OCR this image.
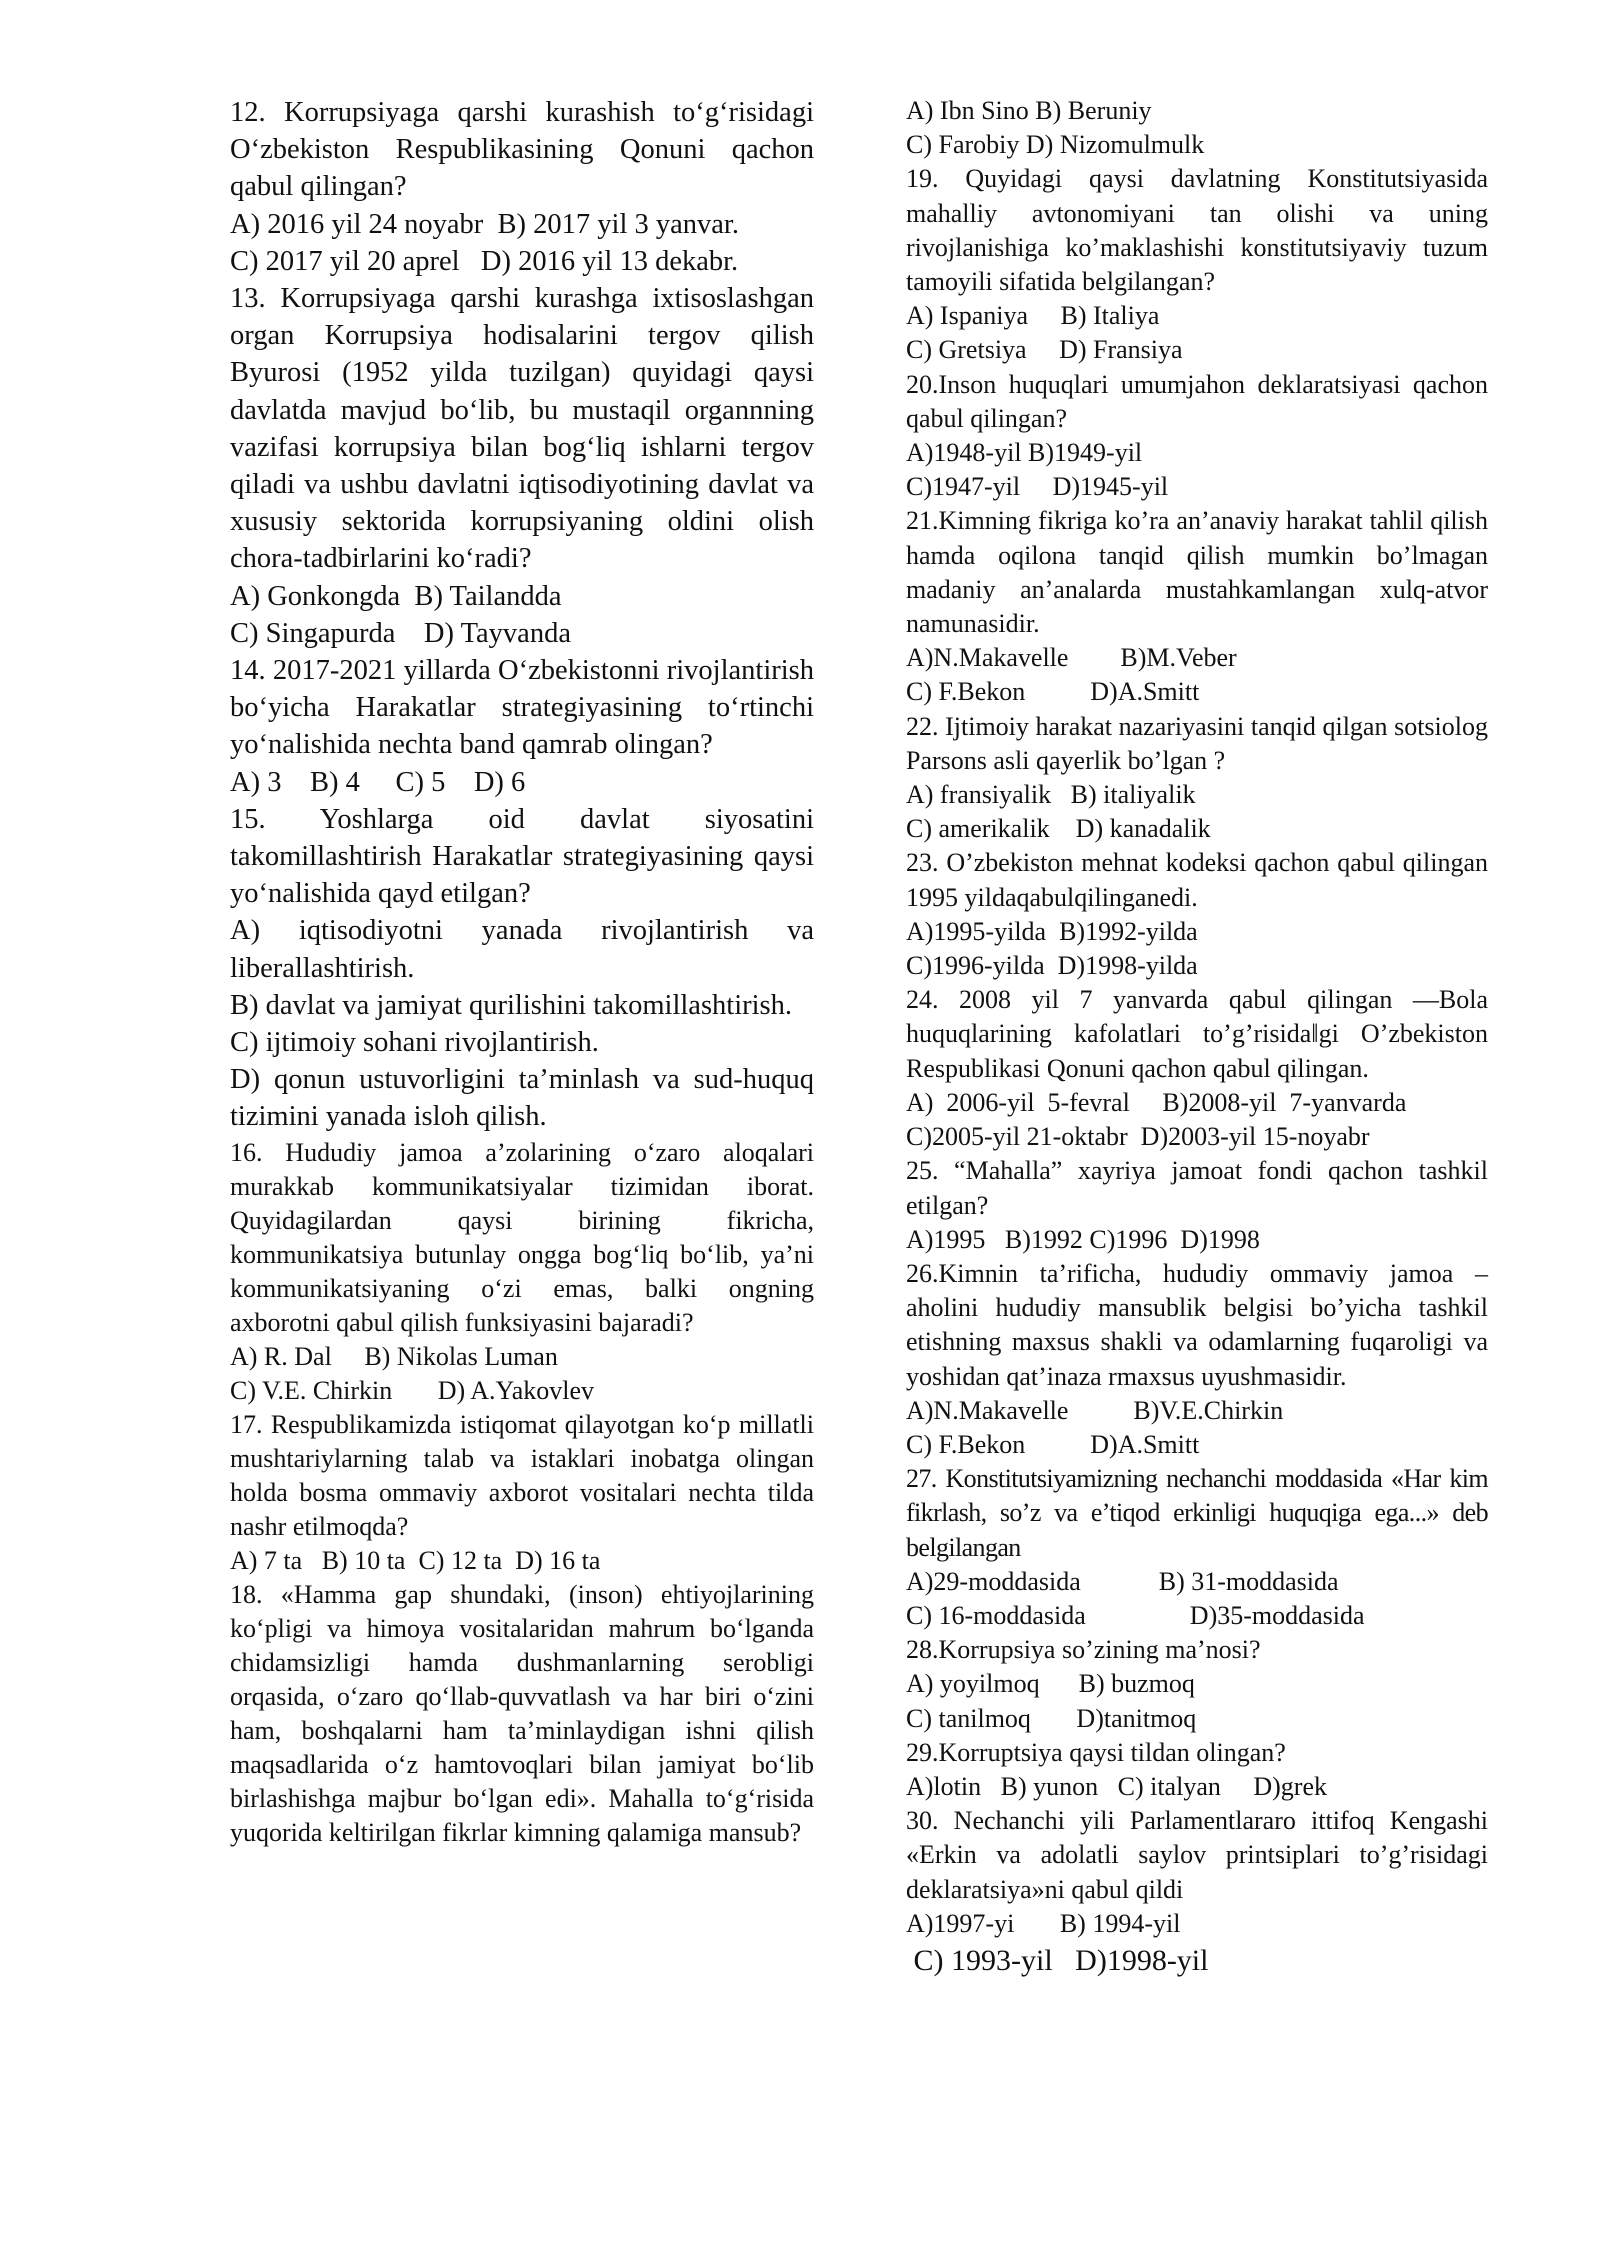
12. Korrupsiyaga qarshi kurashish to‘g‘risidagi O‘zbekiston Respublikasining Qonuni qachon qabul qilingan?

A) 2016 yil 24 noyabr  B) 2017 yil 3 yanvar.

C) 2017 yil 20 aprel   D) 2016 yil 13 dekabr.

13. Korrupsiyaga qarshi kurashga ixtisoslashgan organ Korrupsiya hodisalarini tergov qilish Byurosi (1952 yilda tuzilgan) quyidagi qaysi davlatda mavjud bo‘lib, bu mustaqil organnning vazifasi korrupsiya bilan bog‘liq ishlarni tergov qiladi va ushbu davlatni iqtisodiyotining davlat va xususiy sektorida korrupsiyaning oldini olish chora-tadbirlarini ko‘radi?

A) Gonkongda  B) Tailandda

C) Singapurda    D) Tayvanda

14. 2017-2021 yillarda O‘zbekistonni rivojlantirish bo‘yicha Harakatlar strategiyasining to‘rtinchi yo‘nalishida nechta band qamrab olingan?

A) 3    B) 4     C) 5    D) 6

15. Yoshlarga oid davlat siyosatini takomillashtirish Harakatlar strategiyasining qaysi yo‘nalishida qayd etilgan?

A) iqtisodiyotni yanada rivojlantirish va liberallashtirish.

B) davlat va jamiyat qurilishini takomillashtirish.

C) ijtimoiy sohani rivojlantirish.

D) qonun ustuvorligini ta’minlash va sud-huquq tizimini yanada isloh qilish.

16. Hududiy jamoa a’zolarining o‘zaro aloqalari murakkab kommunikatsiyalar tizimidan iborat. Quyidagilardan qaysi birining fikricha, kommunikatsiya butunlay ongga bog‘liq bo‘lib, ya’ni kommunikatsiyaning o‘zi emas, balki ongning axborotni qabul qilish funksiyasini bajaradi?

A) R. Dal     B) Nikolas Luman

C) V.E. Chirkin       D) A.Yakovlev

17. Respublikamizda istiqomat qilayotgan ko‘p millatli mushtariylarning talab va istaklari inobatga olingan holda bosma ommaviy axborot vositalari nechta tilda nashr etilmoqda?

A) 7 ta   B) 10 ta  C) 12 ta  D) 16 ta

18. «Hamma gap shundaki, (inson) ehtiyojlarining ko‘pligi va himoya vositalaridan mahrum bo‘lganda chidamsizligi hamda dushmanlarning serobligi orqasida, o‘zaro qo‘llab-quvvatlash va har biri o‘zini ham, boshqalarni ham ta’minlaydigan ishni qilish maqsadlarida o‘z hamtovoqlari bilan jamiyat bo‘lib birlashishga majbur bo‘lgan edi». Mahalla to‘g‘risida yuqorida keltirilgan fikrlar kimning qalamiga mansub?

A) Ibn Sino B) Beruniy

C) Farobiy D) Nizomulmulk

19. Quyidagi qaysi davlatning Konstitutsiyasida mahalliy avtonomiyani tan olishi va uning rivojlanishiga ko’maklashishi konstitutsiyaviy tuzum tamoyili sifatida belgilangan?

A) Ispaniya     B) Italiya

C) Gretsiya     D) Fransiya

20.Inson huquqlari umumjahon deklaratsiyasi qachon qabul qilingan?

A)1948-yil B)1949-yil

C)1947-yil     D)1945-yil

21.Kimning fikriga ko’ra an’anaviy harakat tahlil qilish hamda oqilona tanqid qilish mumkin bo’lmagan madaniy an’analarda mustahkamlangan xulq-atvor namunasidir.

A)N.Makavelle        B)M.Veber

C) F.Bekon          D)A.Smitt

22. Ijtimoiy harakat nazariyasini tanqid qilgan sotsiolog Parsons asli qayerlik bo’lgan ?

A) fransiyalik   B) italiyalik

C) amerikalik    D) kanadalik

23. O’zbekiston mehnat kodeksi qachon qabul qilingan 1995 yildaqabulqilinganedi.

A)1995-yilda  B)1992-yilda

C)1996-yilda  D)1998-yilda

24. 2008 yil 7 yanvarda qabul qilingan ―Bola huquqlarining kafolatlari to’g’risida‖gi O’zbekiston Respublikasi Qonuni qachon qabul qilingan.

A)  2006-yil  5-fevral     B)2008-yil  7-yanvarda

C)2005-yil 21-oktabr  D)2003-yil 15-noyabr

25. “Mahalla” xayriya jamoat fondi qachon tashkil etilgan?

A)1995   B)1992 C)1996  D)1998

26.Kimnin ta’rificha, hududiy ommaviy jamoa – aholini hududiy mansublik belgisi bo’yicha tashkil etishning maxsus shakli va odamlarning fuqaroligi va yoshidan qat’inaza rmaxsus uyushmasidir.

A)N.Makavelle          B)V.E.Chirkin

C) F.Bekon          D)A.Smitt

27. Konstitutsiyamizning nechanchi moddasida «Har kim fikrlash, so’z va e’tiqod erkinligi huquqiga ega...» deb belgilangan

A)29-moddasida            B) 31-moddasida

C) 16-moddasida                D)35-moddasida

28.Korrupsiya so’zining ma’nosi?

A) yoyilmoq      B) buzmoq

C) tanilmoq       D)tanitmoq

29.Korruptsiya qaysi tildan olingan?

A)lotin   B) yunon   C) italyan     D)grek

30. Nechanchi yili Parlamentlararo ittifoq Kengashi «Erkin va adolatli saylov printsiplari to’g’risidagi deklaratsiya»ni qabul qildi

A)1997-yi       B) 1994-yil

C) 1993-yil   D)1998-yil
